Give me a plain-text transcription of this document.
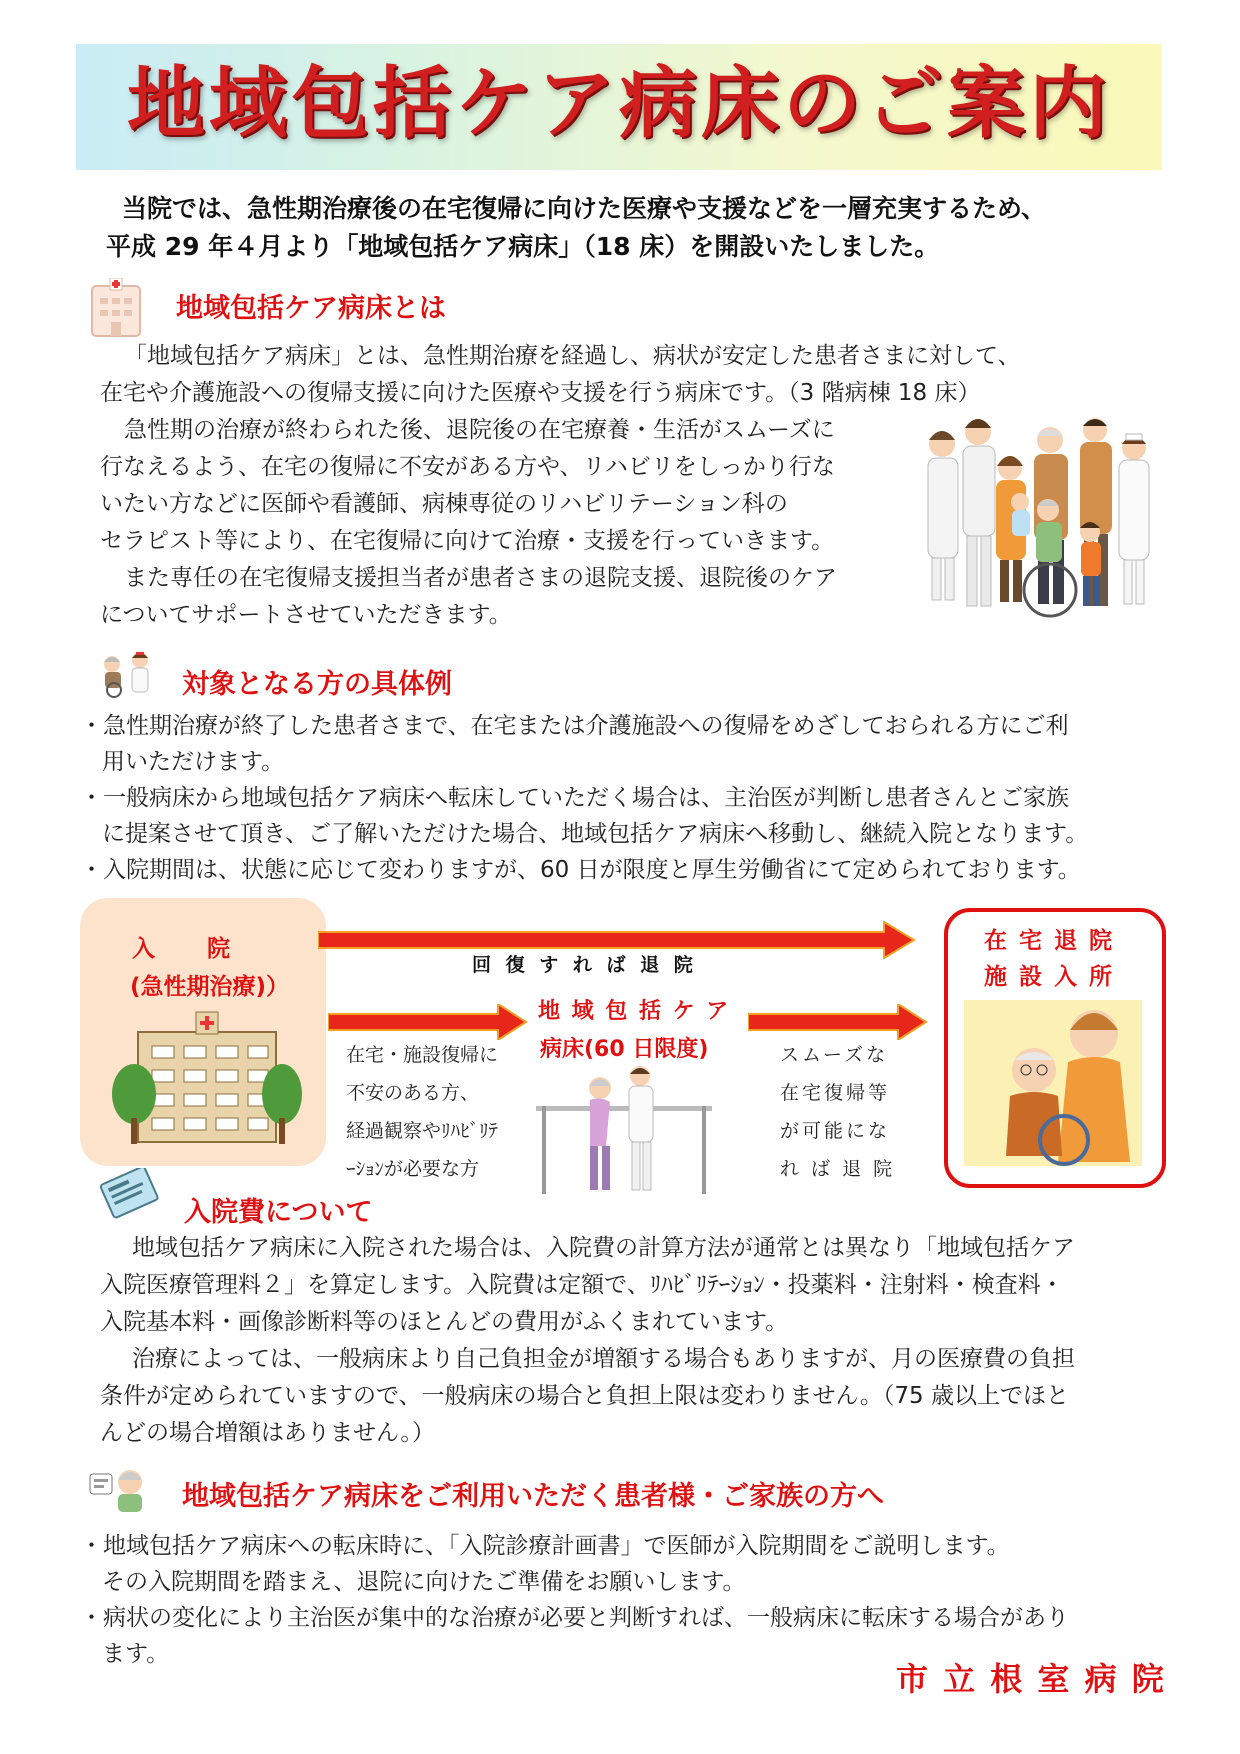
地域包括ケア病床のご案内
当院では、急性期治療後の在宅復帰に向けた医療や支援などを一層充実するため、
平成 29 年４月より「地域包括ケア病床」（18 床）を開設いたしました。
地域包括ケア病床とは
「地域包括ケア病床」とは、急性期治療を経過し、病状が安定した患者さまに対して、
在宅や介護施設への復帰支援に向けた医療や支援を行う病床です。（3 階病棟 18 床）
急性期の治療が終わられた後、退院後の在宅療養・生活がスムーズに
行なえるよう、在宅の復帰に不安がある方や、リハビリをしっかり行な
いたい方などに医師や看護師、病棟専従のリハビリテーション科の
セラピスト等により、在宅復帰に向けて治療・支援を行っていきます。
また専任の在宅復帰支援担当者が患者さまの退院支援、退院後のケア
についてサポートさせていただきます。
対象となる方の具体例
・急性期治療が終了した患者さまで、在宅または介護施設への復帰をめざしておられる方にご利
用いただけます。
・一般病床から地域包括ケア病床へ転床していただく場合は、主治医が判断し患者さんとご家族
に提案させて頂き、ご了解いただけた場合、地域包括ケア病床へ移動し、継続入院となります。
・入院期間は、状態に応じて変わりますが、60 日が限度と厚生労働省にて定められております。
入　　院
(急性期治療)）
回 復 す れ ば 退 院
在宅・施設復帰に
不安のある方、
経過観察やﾘﾊﾋﾞﾘﾃ
ｰｼｮﾝが必要な方
地 域 包 括 ケ ア
病床(60 日限度)	スムーズな
在宅復帰等
が可能にな
れ ば 退 院
在 宅 退 院
施 設 入 所
入院費について
地域包括ケア病床に入院された場合は、入院費の計算方法が通常とは異なり「地域包括ケア
入院医療管理料２」を算定します。入院費は定額で、ﾘﾊﾋﾞﾘﾃｰｼｮﾝ・投薬料・注射料・検査料・
入院基本料・画像診断料等のほとんどの費用がふくまれています。
治療によっては、一般病床より自己負担金が増額する場合もありますが、月の医療費の負担
条件が定められていますので、一般病床の場合と負担上限は変わりません。（75 歳以上でほと
んどの場合増額はありません。）
地域包括ケア病床をご利用いただく患者様・ご家族の方へ
・地域包括ケア病床への転床時に、「入院診療計画書」で医師が入院期間をご説明します。
その入院期間を踏まえ、退院に向けたご準備をお願いします。
・病状の変化により主治医が集中的な治療が必要と判断すれば、一般病床に転床する場合があり
ます。
市 立 根 室 病 院
